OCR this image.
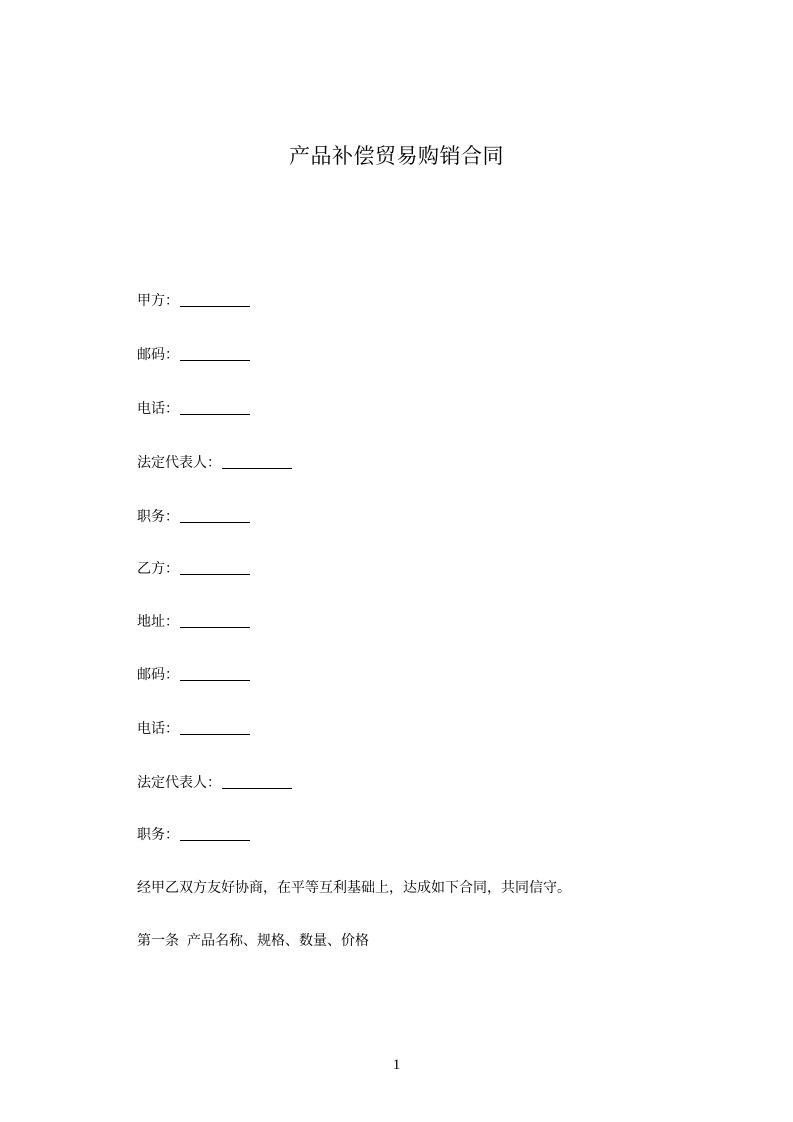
产品补偿贸易购销合同
甲方：
邮码：
电话：
法定代表人：
职务：
乙方：
地址：
邮码：
电话：
法定代表人：
职务：
经甲乙双方友好协商，在平等互利基础上，达成如下合同，共同信守。
第一条 产品名称、规格、数量、价格
1
